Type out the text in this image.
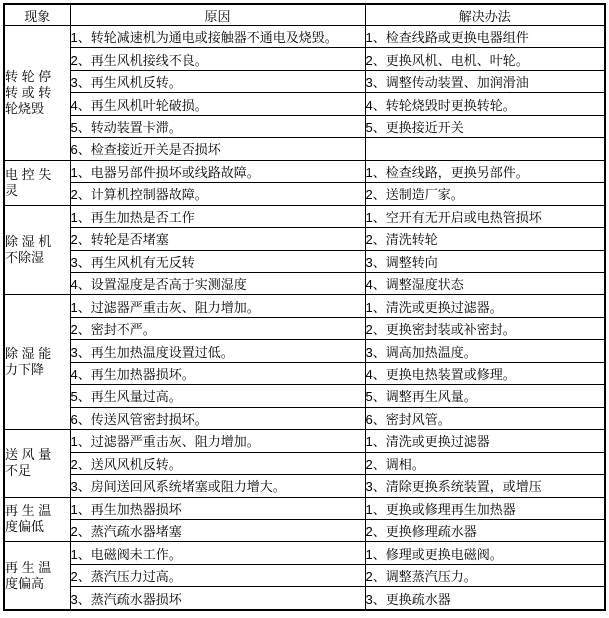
现象	原因	解决办法

转 轮 停
转 或 转
轮烧毁	1、转轮减速机为通电或接触器不通电及烧毁。	1、检查线路或更换电器组件
	2、再生风机接线不良。	2、更换风机、电机、叶轮。
	3、再生风机反转。	3、调整传动装置、加润滑油
	4、再生风机叶轮破损。	4、转轮烧毁时更换转轮。
	5、转动装置卡滞。	5、更换接近开关
	6、检查接近开关是否损坏	

电 控 失
灵	1、电器另部件损坏或线路故障。	1、检查线路，更换另部件。
	2、计算机控制器故障。	2、送制造厂家。

除 湿 机
不除湿	1、再生加热是否工作	1、空开有无开启或电热管损坏
	2、转轮是否堵塞	2、清洗转轮
	3、再生风机有无反转	3、调整转向
	4、设置湿度是否高于实测湿度	4、调整湿度状态

除 湿 能
力下降	1、过滤器严重击灰、阻力增加。	1、清洗或更换过滤器。
	2、密封不严。	2、更换密封装或补密封。
	3、再生加热温度设置过低。	3、调高加热温度。
	4、再生加热器损坏。	4、更换电热装置或修理。
	5、再生风量过高。	5、调整再生风量。
	6、传送风管密封损坏。	6、密封风管。

送 风 量
不足	1、过滤器严重击灰、阻力增加。	1、清洗或更换过滤器
	2、送风风机反转。	2、调相。
	3、房间送回风系统堵塞或阻力增大。	3、清除更换系统装置，或增压

再 生 温
度偏低	1、再生加热器损坏	1、更换或修理再生加热器
	2、蒸汽疏水器堵塞	2、更换修理疏水器

再 生 温
度偏高	1、电磁阀未工作。	1、修理或更换电磁阀。
	2、蒸汽压力过高。	2、调整蒸汽压力。
	3、蒸汽疏水器损坏	3、更换疏水器
